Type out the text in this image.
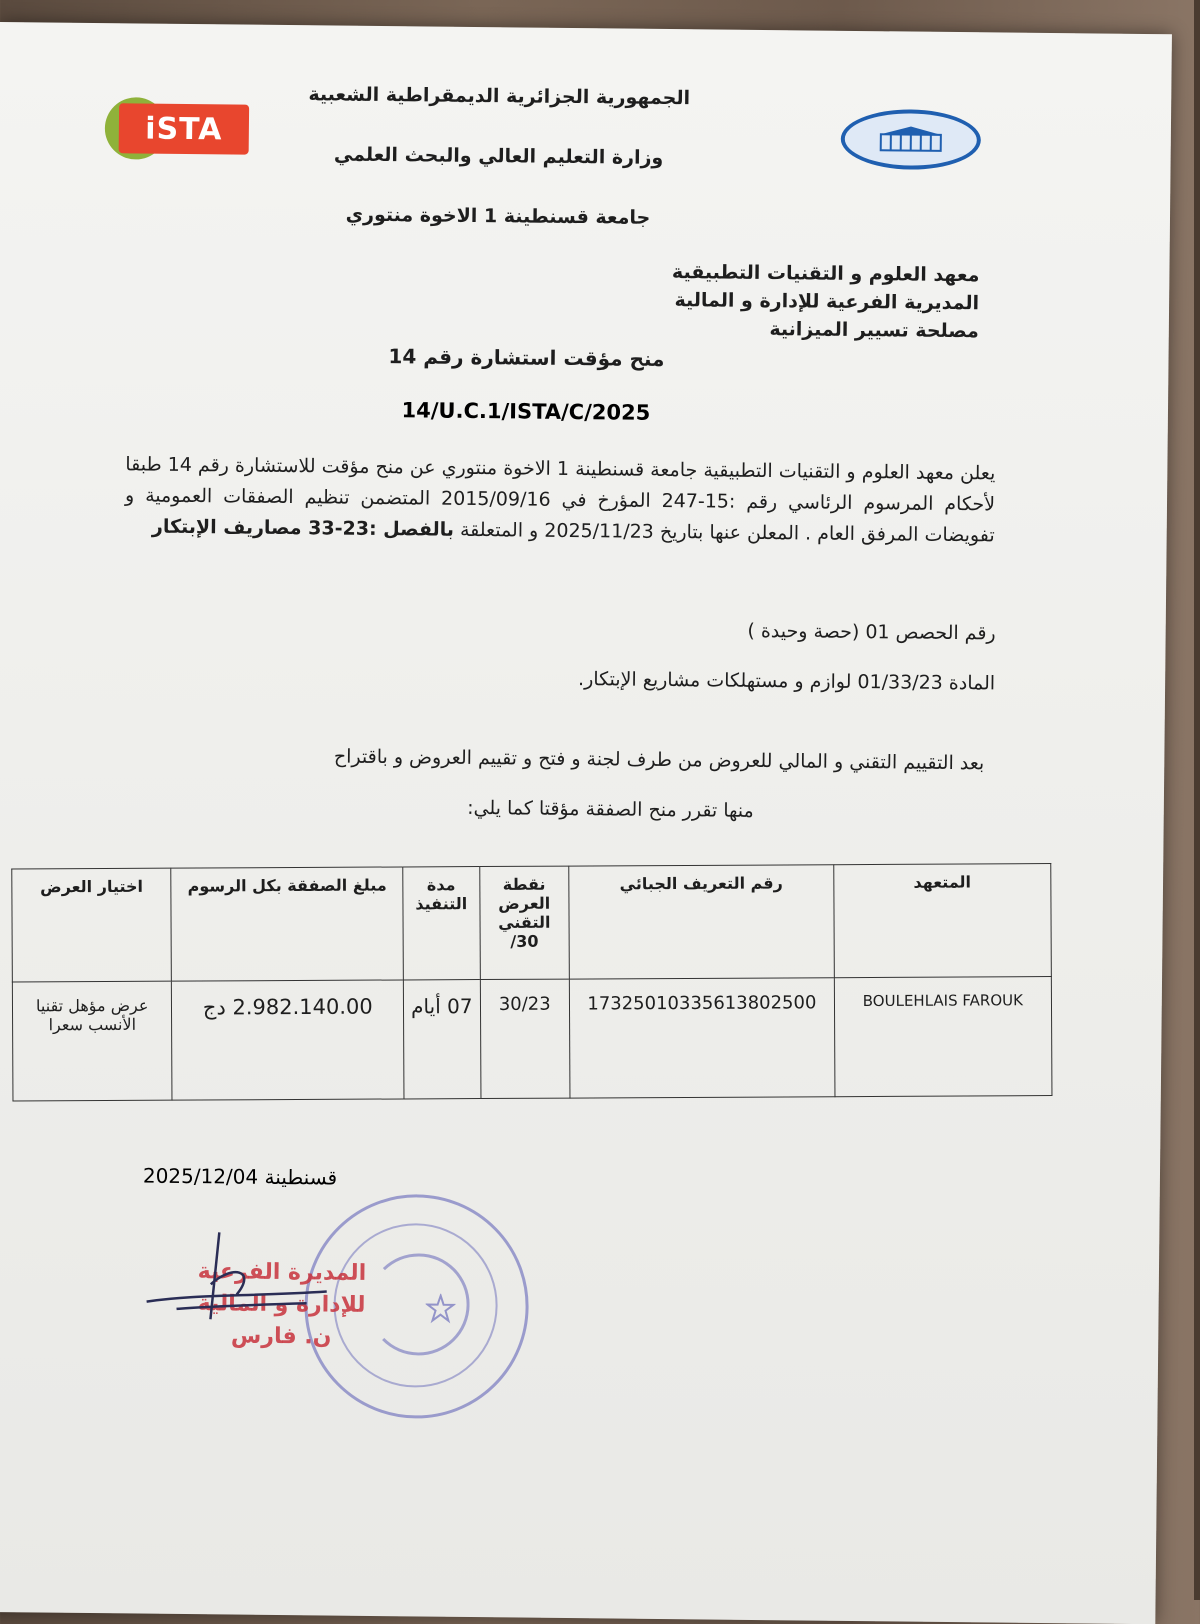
iSTA
الجمهورية الجزائرية الديمقراطية الشعبية
وزارة التعليم العالي والبحث العلمي
جامعة قسنطينة 1 الاخوة منتوري
معهد العلوم و التقنيات التطبيقية
المديرية الفرعية للإدارة و المالية
مصلحة تسيير الميزانية
منح مؤقت استشارة رقم 14
14/U.C.1/ISTA/C/2025
يعلن معهد العلوم و التقنيات التطبيقية جامعة قسنطينة 1 الاخوة منتوري عن منح مؤقت للاستشارة رقم 14 طبقا لأحكام المرسوم الرئاسي رقم :15-247 المؤرخ في 2015/09/16 المتضمن تنظيم الصفقات العمومية و تفويضات المرفق العام . المعلن عنها بتاريخ 2025/11/23 و المتعلقة بالفصل :23-33 مصاريف الإبتكار
رقم الحصص 01 (حصة وحيدة )
المادة 01/33/23 لوازم و مستهلكات مشاريع الإبتكار.
بعد التقييم التقني و المالي للعروض من طرف لجنة و فتح و تقييم العروض و باقتراح
منها تقرر منح الصفقة مؤقتا كما يلي:
المتعهد	رقم التعريف الجبائي	نقطة العرض التقني 30/	مدة التنفيذ	مبلغ الصفقة بكل الرسوم	اختيار العرض
BOULEHLAIS FAROUK	17325010335613802500	30/23	07 أيام	2.982.140.00 دج	عرض مؤهل تقنيا الأنسب سعرا
قسنطينة 2025/12/04
المديرة الفرعية
للإدارة و المالية
ن. فارس
